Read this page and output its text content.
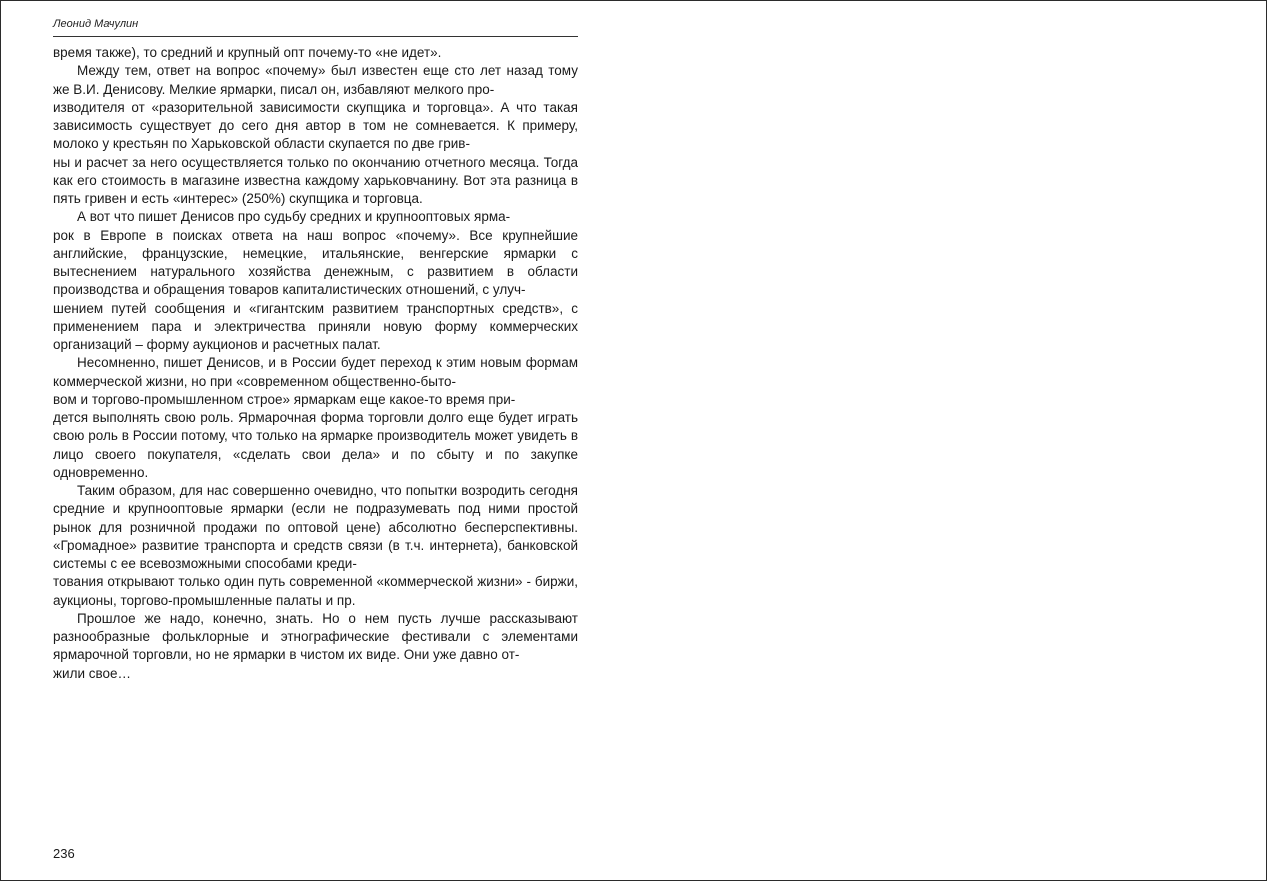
Леонид Мачулин

время также), то средний и крупный опт почему-то «не идет».

Между тем, ответ на вопрос «почему» был известен еще сто лет назад тому же В.И. Денисову. Мелкие ярмарки, писал он, избавляют мелкого про-
изводителя от «разорительной зависимости скупщика и торговца». А что такая зависимость существует до сего дня автор в том не сомневается. К примеру, молоко у крестьян по Харьковской области скупается по две грив-
ны и расчет за него осуществляется только по окончанию отчетного месяца. Тогда как его стоимость в магазине известна каждому харьковчанину. Вот эта разница в пять гривен и есть «интерес» (250%) скупщика и торговца.

А вот что пишет Денисов про судьбу средних и крупнооптовых ярма-
рок в Европе в поисках ответа на наш вопрос «почему». Все крупнейшие английские, французские, немецкие, итальянские, венгерские ярмарки с вытеснением натурального хозяйства денежным, с развитием в области производства и обращения товаров капиталистических отношений, с улуч-
шением путей сообщения и «гигантским развитием транспортных средств», с применением пара и электричества приняли новую форму коммерческих организаций – форму аукционов и расчетных палат.

Несомненно, пишет Денисов, и в России будет переход к этим новым формам коммерческой жизни, но при «современном общественно-быто-
вом и торгово-промышленном строе» ярмаркам еще какое-то время при-
дется выполнять свою роль. Ярмарочная форма торговли долго еще будет играть свою роль в России потому, что только на ярмарке производитель может увидеть в лицо своего покупателя, «сделать свои дела» и по сбыту и по закупке одновременно.

Таким образом, для нас совершенно очевидно, что попытки возродить сегодня средние и крупнооптовые ярмарки (если не подразумевать под ними простой рынок для розничной продажи по оптовой цене) абсолютно бесперспективны. «Громадное» развитие транспорта и средств связи (в т.ч. интернета), банковской системы с ее всевозможными способами креди-
тования открывают только один путь современной «коммерческой жизни» - биржи, аукционы, торгово-промышленные палаты и пр.

Прошлое же надо, конечно, знать. Но о нем пусть лучше рассказывают разнообразные фольклорные и этнографические фестивали с элементами ярмарочной торговли, но не ярмарки в чистом их виде. Они уже давно от-
жили свое…

236
